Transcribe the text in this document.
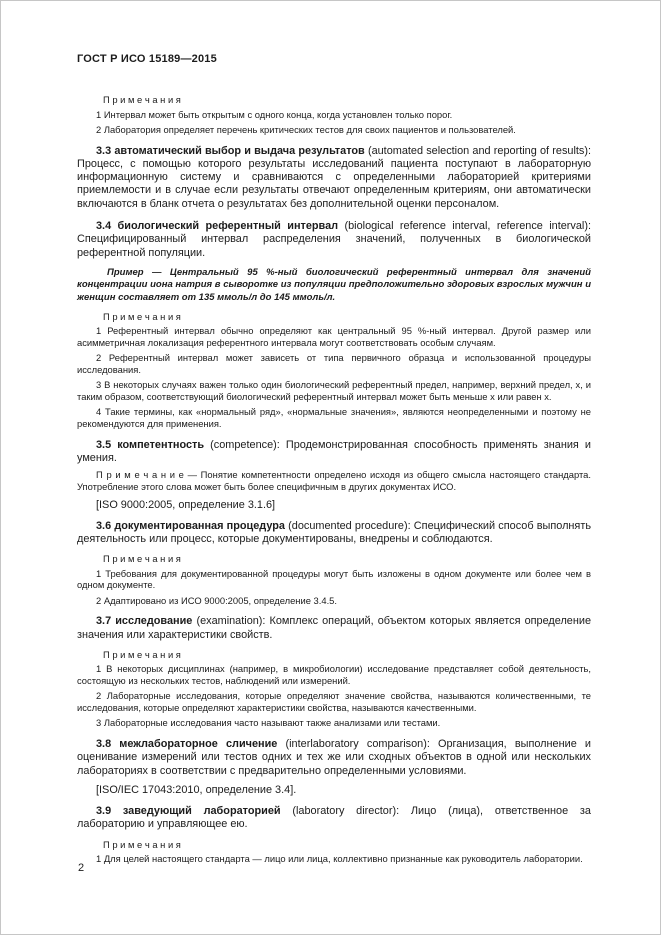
ГОСТ Р ИСО 15189—2015

П р и м е ч а н и я

1 Интервал может быть открытым с одного конца, когда установлен только порог.

2 Лаборатория определяет перечень критических тестов для своих пациентов и пользователей.

3.3 автоматический выбор и выдача результатов (automated selection and reporting of results): Процесс, с помощью которого результаты исследований пациента поступают в лабораторную информационную систему и сравниваются с определенными лабораторией критериями приемлемости и в случае если результаты отвечают определенным критериям, они автоматически включаются в бланк отчета о результатах без дополнительной оценки персоналом.

3.4 биологический референтный интервал (biological reference interval, reference interval): Специфицированный интервал распределения значений, полученных в биологической референтной популяции.

Пример — Центральный 95 %-ный биологический референтный интервал для значений концентрации иона натрия в сыворотке из популяции предположительно здоровых взрослых мужчин и женщин составляет от 135 ммоль/л до 145 ммоль/л.

П р и м е ч а н и я

1 Референтный интервал обычно определяют как центральный 95 %-ный интервал. Другой размер или асимметричная локализация референтного интервала могут соответствовать особым случаям.

2 Референтный интервал может зависеть от типа первичного образца и использованной процедуры исследования.

3 В некоторых случаях важен только один биологический референтный предел, например, верхний предел, х, и таким образом, соответствующий биологический референтный интервал может быть меньше х или равен х.

4 Такие термины, как «нормальный ряд», «нормальные значения», являются неопределенными и поэтому не рекомендуются для применения.

3.5 компетентность (competence): Продемонстрированная способность применять знания и умения.

П р и м е ч а н и е — Понятие компетентности определено исходя из общего смысла настоящего стандарта. Употребление этого слова может быть более специфичным в других документах ИСО.

[ISO 9000:2005, определение 3.1.6]

3.6 документированная процедура (documented procedure): Специфический способ выполнять деятельность или процесс, которые документированы, внедрены и соблюдаются.

П р и м е ч а н и я

1 Требования для документированной процедуры могут быть изложены в одном документе или более чем в одном документе.

2 Адаптировано из ИСО 9000:2005, определение 3.4.5.

3.7 исследование (examination): Комплекс операций, объектом которых является определение значения или характеристики свойств.

П р и м е ч а н и я

1 В некоторых дисциплинах (например, в микробиологии) исследование представляет собой деятельность, состоящую из нескольких тестов, наблюдений или измерений.

2 Лабораторные исследования, которые определяют значение свойства, называются количественными, те исследования, которые определяют характеристики свойства, называются качественными.

3 Лабораторные исследования часто называют также анализами или тестами.

3.8 межлабораторное сличение (interlaboratory comparison): Организация, выполнение и оценивание измерений или тестов одних и тех же или сходных объектов в одной или нескольких лабораториях в соответствии с предварительно определенными условиями.

[ISO/IEC 17043:2010, определение 3.4].

3.9 заведующий лабораторией (laboratory director): Лицо (лица), ответственное за лабораторию и управляющее ею.

П р и м е ч а н и я

1 Для целей настоящего стандарта — лицо или лица, коллективно признанные как руководитель лаборатории.

2
